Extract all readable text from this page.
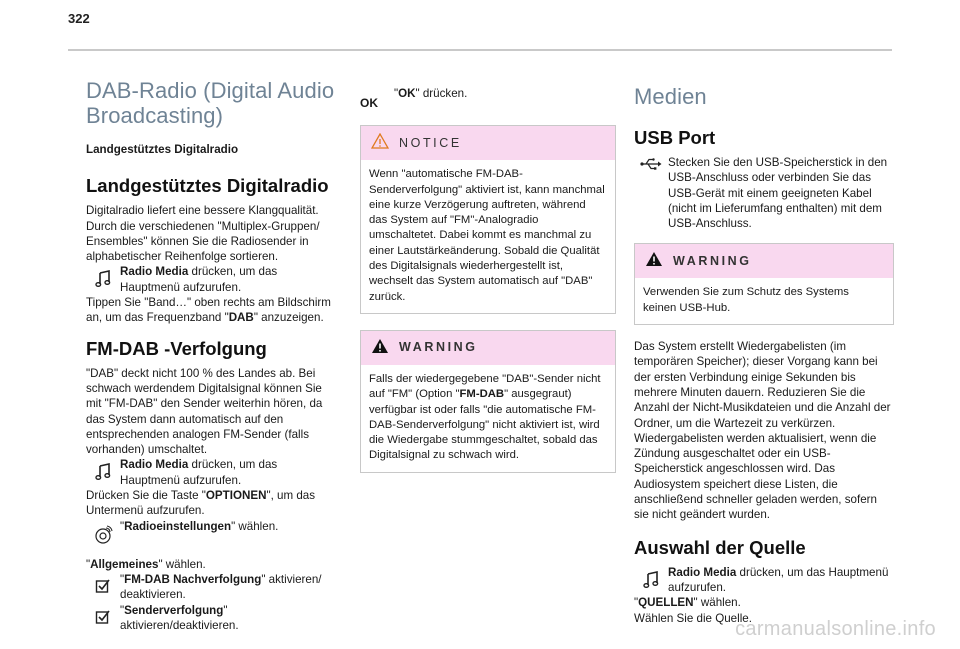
322
DAB-Radio (Digital Audio Broadcasting)
Landgestütztes Digitalradio
Landgestütztes Digitalradio

Digitalradio liefert eine bessere Klangqualität. Durch die verschiedenen "Multiplex-Gruppen/ Ensembles" können Sie die Radiosender in alphabetischer Reihenfolge sortieren.

Radio Media drücken, um das Hauptmenü aufzurufen.

Tippen Sie "Band…" oben rechts am Bildschirm an, um das Frequenzband "DAB" anzuzeigen.

FM-DAB -Verfolgung

"DAB" deckt nicht 100 % des Landes ab. Bei schwach werdendem Digitalsignal können Sie mit "FM-DAB" den Sender weiterhin hören, da das System dann automatisch auf den entsprechenden analogen FM-Sender (falls vorhanden) umschaltet.

Radio Media drücken, um das Hauptmenü aufzurufen.

Drücken Sie die Taste "OPTIONEN", um das Untermenü aufzurufen.

"Radioeinstellungen" wählen.

"Allgemeines" wählen.

"FM-DAB Nachverfolgung" aktivieren/ deaktivieren.
"Senderverfolgung" aktivieren/deaktivieren.
OK
"OK" drücken.
NOTICE
Wenn "automatische FM-DAB-Senderverfolgung" aktiviert ist, kann manchmal eine kurze Verzögerung auftreten, während das System auf "FM"-Analogradio umschaltetet. Dabei kommt es manchmal zu einer Lautstärkeänderung. Sobald die Qualität des Digitalsignals wiederhergestellt ist, wechselt das System automatisch auf "DAB" zurück.
WARNING
Falls der wiedergegebene "DAB"-Sender nicht auf "FM" (Option "FM-DAB" ausgegraut) verfügbar ist oder falls "die automatische FM-DAB-Senderverfolgung" nicht aktiviert ist, wird die Wiedergabe stummgeschaltet, sobald das Digitalsignal zu schwach wird.
Medien
USB Port
Stecken Sie den USB-Speicherstick in den USB-Anschluss oder verbinden Sie das USB-Gerät mit einem geeigneten Kabel (nicht im Lieferumfang enthalten) mit dem USB-Anschluss.
WARNING
Verwenden Sie zum Schutz des Systems keinen USB-Hub.

Das System erstellt Wiedergabelisten (im temporären Speicher); dieser Vorgang kann bei der ersten Verbindung einige Sekunden bis mehrere Minuten dauern. Reduzieren Sie die Anzahl der Nicht-Musikdateien und die Anzahl der Ordner, um die Wartezeit zu verkürzen. Wiedergabelisten werden aktualisiert, wenn die Zündung ausgeschaltet oder ein USB-Speicherstick angeschlossen wird. Das Audiosystem speichert diese Listen, die anschließend schneller geladen werden, sofern sie nicht geändert wurden.

Auswahl der Quelle
Radio Media drücken, um das Hauptmenü aufzurufen.

"QUELLEN" wählen.

Wählen Sie die Quelle.

carmanualsonline.info
